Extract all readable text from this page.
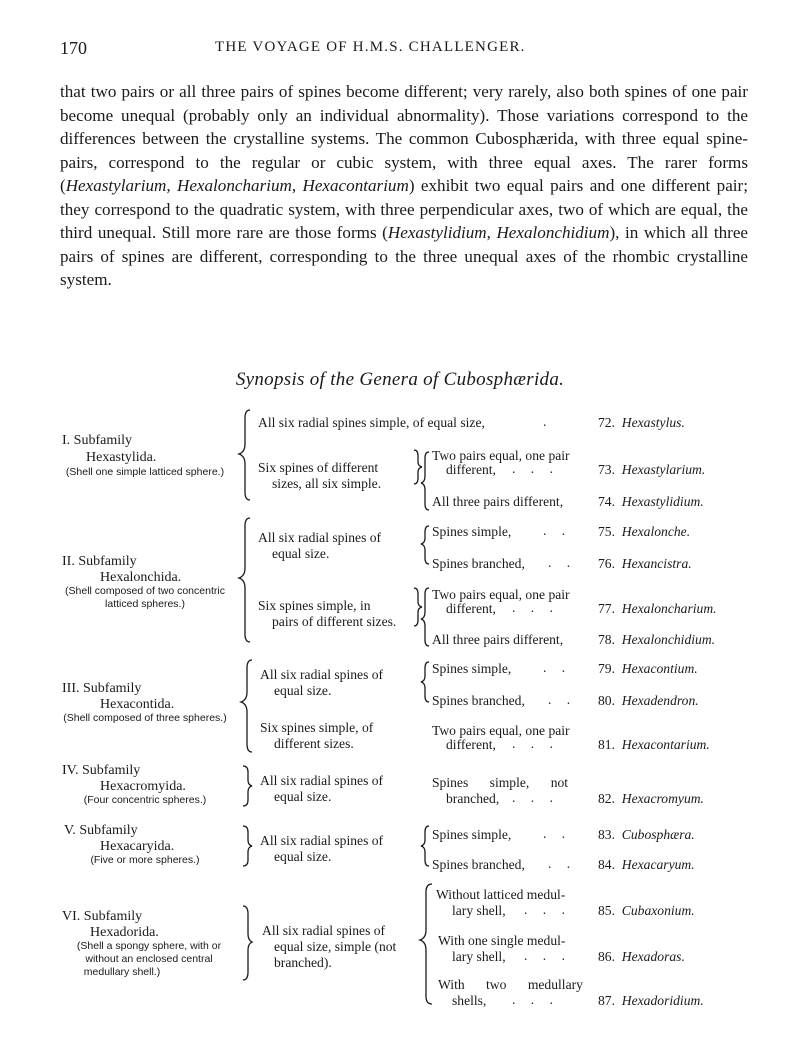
170	THE VOYAGE OF H.M.S. CHALLENGER.

that two pairs or all three pairs of spines become different; very rarely, also both spines of one pair become unequal (probably only an individual abnormality). Those variations correspond to the differences between the crystalline systems. The common Cubosphærida, with three equal spine-pairs, correspond to the regular or cubic system, with three equal axes. The rarer forms (Hexastylarium, Hexaloncharium, Hexacontarium) exhibit two equal pairs and one different pair; they correspond to the quadratic system, with three perpendicular axes, two of which are equal, the third unequal. Still more rare are those forms (Hexastylidium, Hexalonchidium), in which all three pairs of spines are different, corresponding to the three unequal axes of the rhombic crystalline system.

Synopsis of the Genera of Cubosphærida.
I. Subfamily
Hexastylida.
(Shell one simple latticed sphere.)
II. Subfamily
Hexalonchida.
(Shell composed of two concentric
latticed spheres.)
III. Subfamily
Hexacontida.
(Shell composed of three spheres.)
IV. Subfamily
Hexacromyida.
(Four concentric spheres.)
V. Subfamily
Hexacaryida.
(Five or more spheres.)
VI. Subfamily
Hexadorida.
(Shell a spongy sphere, with or
without an enclosed central
medullary shell.)
All six radial spines simple, of equal size,	.
Six spines of different
sizes, all six simple.
All six radial spines of
equal size.
Six spines simple, in
pairs of different sizes.
All six radial spines of
equal size.
Six spines simple, of
different sizes.
All six radial spines of
equal size.
All six radial spines of
equal size.
All six radial spines of
equal size, simple (not
branched).
Two pairs equal, one pair
different, . . .
All three pairs different,
Spines simple, . .
Spines branched, . .
Two pairs equal, one pair
different, . . .
All three pairs different,
Spines simple, . .
Spines branched, . .
Two pairs equal, one pair
different, . . .
Spines simple, not
branched, . . .
Spines simple, . .
Spines branched, . .
Without latticed medul-
lary shell, . . .
With one single medul-
lary shell, . . .
With two medullary
shells, . . .
72. Hexastylus.
73. Hexastylarium.
74. Hexastylidium.
75. Hexalonche.
76. Hexancistra.
77. Hexaloncharium.
78. Hexalonchidium.
79. Hexacontium.
80. Hexadendron.
81. Hexacontarium.
82. Hexacromyum.
83. Cubosphæra.
84. Hexacaryum.
85. Cubaxonium.
86. Hexadoras.
87. Hexadoridium.
